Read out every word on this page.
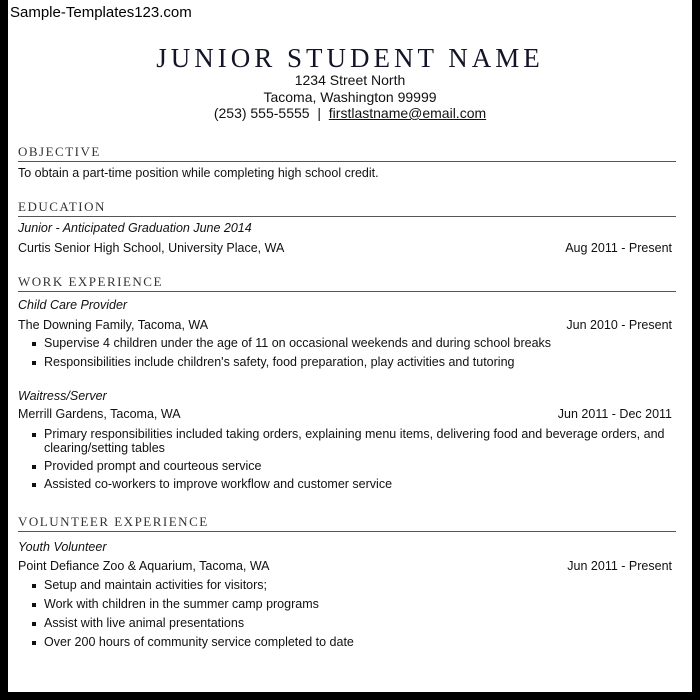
Sample-Templates123.com
JUNIOR STUDENT NAME
1234 Street North
Tacoma, Washington 99999
(253) 555-5555 | firstlastname@email.com
OBJECTIVE
To obtain a part-time position while completing high school credit.
EDUCATION
Junior - Anticipated Graduation June 2014
Curtis Senior High School, University Place, WA	Aug 2011 - Present
WORK EXPERIENCE
Child Care Provider
The Downing Family, Tacoma, WA	Jun 2010 - Present
Supervise 4 children under the age of 11 on occasional weekends and during school breaks
Responsibilities include children's safety, food preparation, play activities and tutoring
Waitress/Server
Merrill Gardens, Tacoma, WA	Jun 2011 - Dec 2011
Primary responsibilities included taking orders, explaining menu items, delivering food and beverage orders, and clearing/setting tables
Provided prompt and courteous service
Assisted co-workers to improve workflow and customer service
VOLUNTEER EXPERIENCE
Youth Volunteer
Point Defiance Zoo & Aquarium, Tacoma, WA	Jun 2011 - Present
Setup and maintain activities for visitors;
Work with children in the summer camp programs
Assist with live animal presentations
Over 200 hours of community service completed to date
